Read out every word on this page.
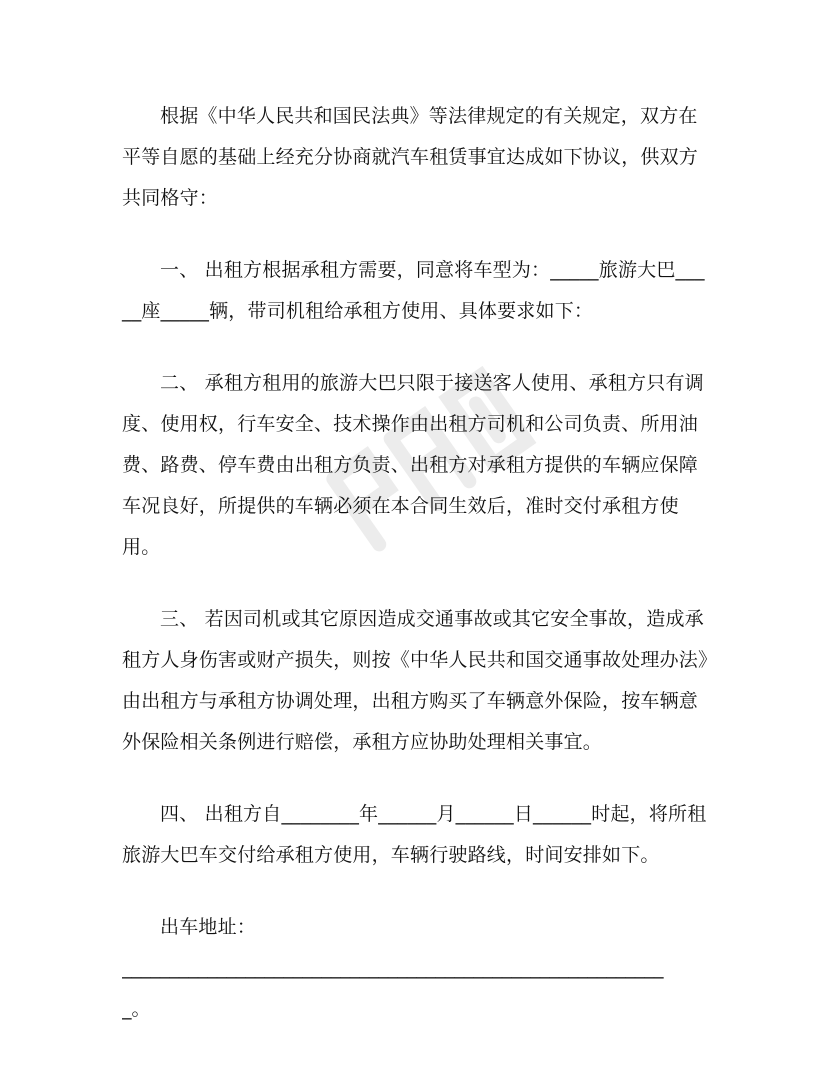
根据《中华人民共和国民法典》等法律规定的有关规定，双方在平等自愿的基础上经充分协商就汽车租赁事宜达成如下协议，供双方共同格守：

一、 出租方根据承租方需要，同意将车型为：_____旅游大巴_____座_____辆，带司机租给承租方使用、具体要求如下：

二、 承租方租用的旅游大巴只限于接送客人使用、承租方只有调度、使用权，行车安全、技术操作由出租方司机和公司负责、所用油费、路费、停车费由出租方负责、出租方对承租方提供的车辆应保障车况良好，所提供的车辆必须在本合同生效后，准时交付承租方使用。

三、 若因司机或其它原因造成交通事故或其它安全事故，造成承租方人身伤害或财产损失，则按《中华人民共和国交通事故处理办法》由出租方与承租方协调处理，出租方购买了车辆意外保险，按车辆意外保险相关条例进行赔偿，承租方应协助处理相关事宜。

四、 出租方自________年______月______日______时起，将所租旅游大巴车交付给承租方使用，车辆行驶路线，时间安排如下。

出车地址：

_________________________________________________________

_。
